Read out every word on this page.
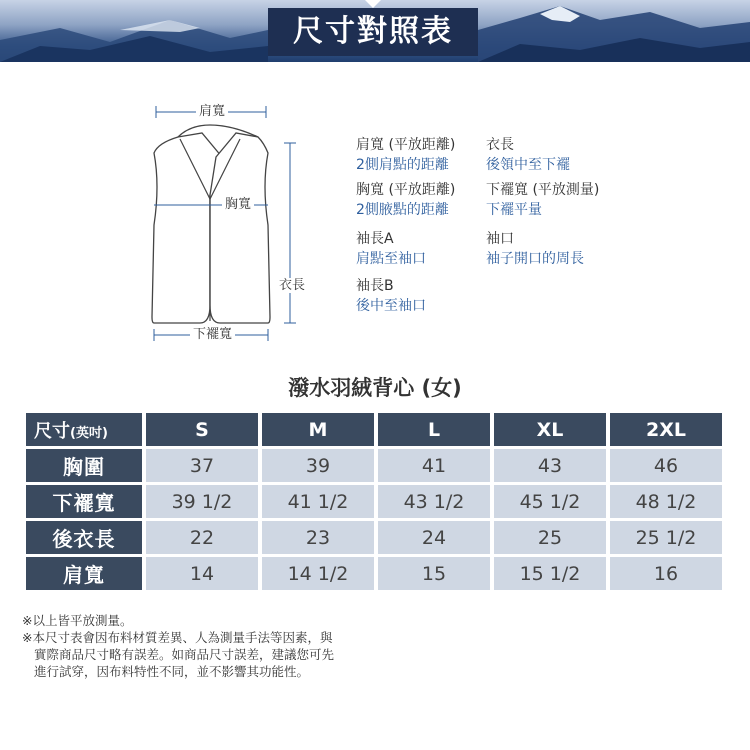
尺寸對照表
肩寬
胸寬
衣長
下襬寬
肩寬 (平放距離)
2側肩點的距離
衣長
後領中至下襬
胸寬 (平放距離)
2側腋點的距離
下襬寬 (平放測量)
下襬平量
袖長A
肩點至袖口
袖口
袖子開口的周長
袖長B
後中至袖口
潑水羽絨背心 (女)
尺寸(英吋)	S	M	L	XL	2XL
胸圍	37	39	41	43	46
下襬寬	39 1/2	41 1/2	43 1/2	45 1/2	48 1/2
後衣長	22	23	24	25	25 1/2
肩寬	14	14 1/2	15	15 1/2	16
※以上皆平放測量。
※本尺寸表會因布料材質差異、人為測量手法等因素，與
實際商品尺寸略有誤差。如商品尺寸誤差，建議您可先
進行試穿，因布料特性不同，並不影響其功能性。
